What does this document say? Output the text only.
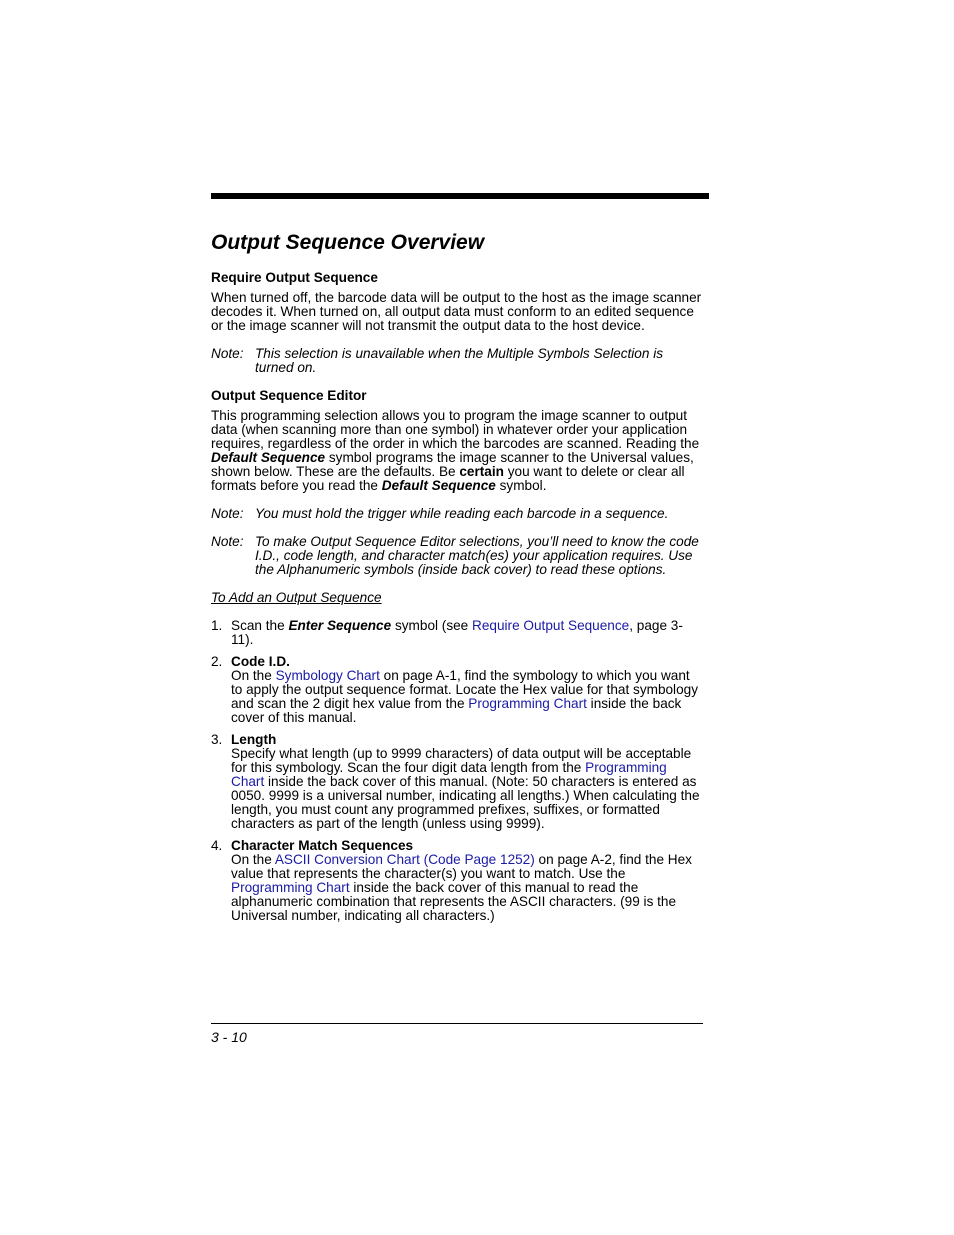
Output Sequence Overview
Require Output Sequence

When turned off, the barcode data will be output to the host as the image scanner decodes it. When turned on, all output data must conform to an edited sequence or the image scanner will not transmit the output data to the host device.

Note: This selection is unavailable when the Multiple Symbols Selection is turned on.
Output Sequence Editor

This programming selection allows you to program the image scanner to output data (when scanning more than one symbol) in whatever order your application requires, regardless of the order in which the barcodes are scanned. Reading the Default Sequence symbol programs the image scanner to the Universal values, shown below. These are the defaults. Be certain you want to delete or clear all formats before you read the Default Sequence symbol.

Note: You must hold the trigger while reading each barcode in a sequence.
Note: To make Output Sequence Editor selections, you’ll need to know the code I.D., code length, and character match(es) your application requires. Use the Alphanumeric symbols (inside back cover) to read these options.
To Add an Output Sequence
1. Scan the Enter Sequence symbol (see Require Output Sequence, page 3-11).
2. Code I.D.
On the Symbology Chart on page A-1, find the symbology to which you want to apply the output sequence format. Locate the Hex value for that symbology and scan the 2 digit hex value from the Programming Chart inside the back cover of this manual.
3. Length
Specify what length (up to 9999 characters) of data output will be acceptable for this symbology. Scan the four digit data length from the Programming Chart inside the back cover of this manual. (Note: 50 characters is entered as 0050. 9999 is a universal number, indicating all lengths.) When calculating the length, you must count any programmed prefixes, suffixes, or formatted characters as part of the length (unless using 9999).
4. Character Match Sequences
On the ASCII Conversion Chart (Code Page 1252) on page A-2, find the Hex value that represents the character(s) you want to match. Use the Programming Chart inside the back cover of this manual to read the alphanumeric combination that represents the ASCII characters. (99 is the Universal number, indicating all characters.)
3 - 10
